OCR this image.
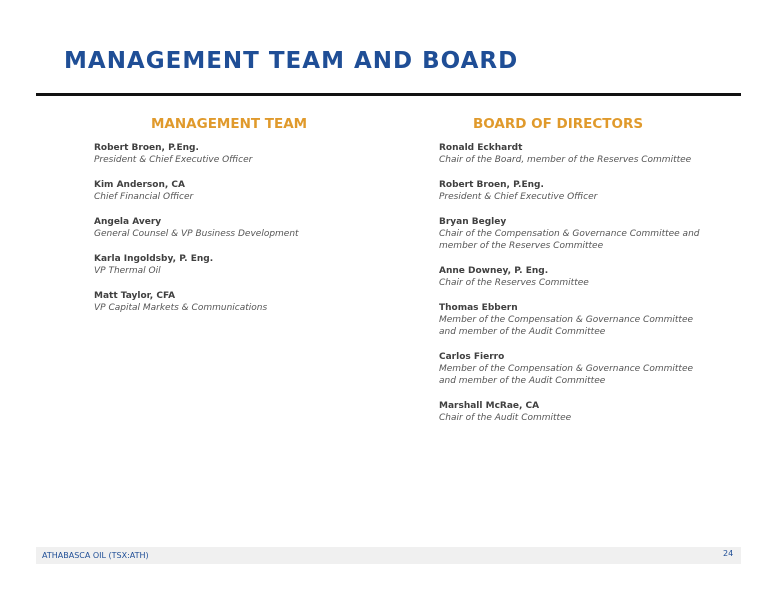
MANAGEMENT TEAM AND BOARD
MANAGEMENT TEAM
Robert Broen, P.Eng.
President & Chief Executive Officer
Kim Anderson, CA
Chief Financial Officer
Angela Avery
General Counsel & VP Business Development
Karla Ingoldsby, P. Eng.
VP Thermal Oil
Matt Taylor, CFA
VP Capital Markets & Communications
BOARD OF DIRECTORS
Ronald Eckhardt
Chair of the Board, member of the Reserves Committee
Robert Broen, P.Eng.
President & Chief Executive Officer
Bryan Begley
Chair of the Compensation & Governance Committee and
member of the Reserves Committee
Anne Downey, P. Eng.
Chair of the Reserves Committee
Thomas Ebbern
Member of the Compensation & Governance Committee
and member of the Audit Committee
Carlos Fierro
Member of the Compensation & Governance Committee
and member of the Audit Committee
Marshall McRae, CA
Chair of the Audit Committee
ATHABASCA OIL (TSX:ATH)	24
